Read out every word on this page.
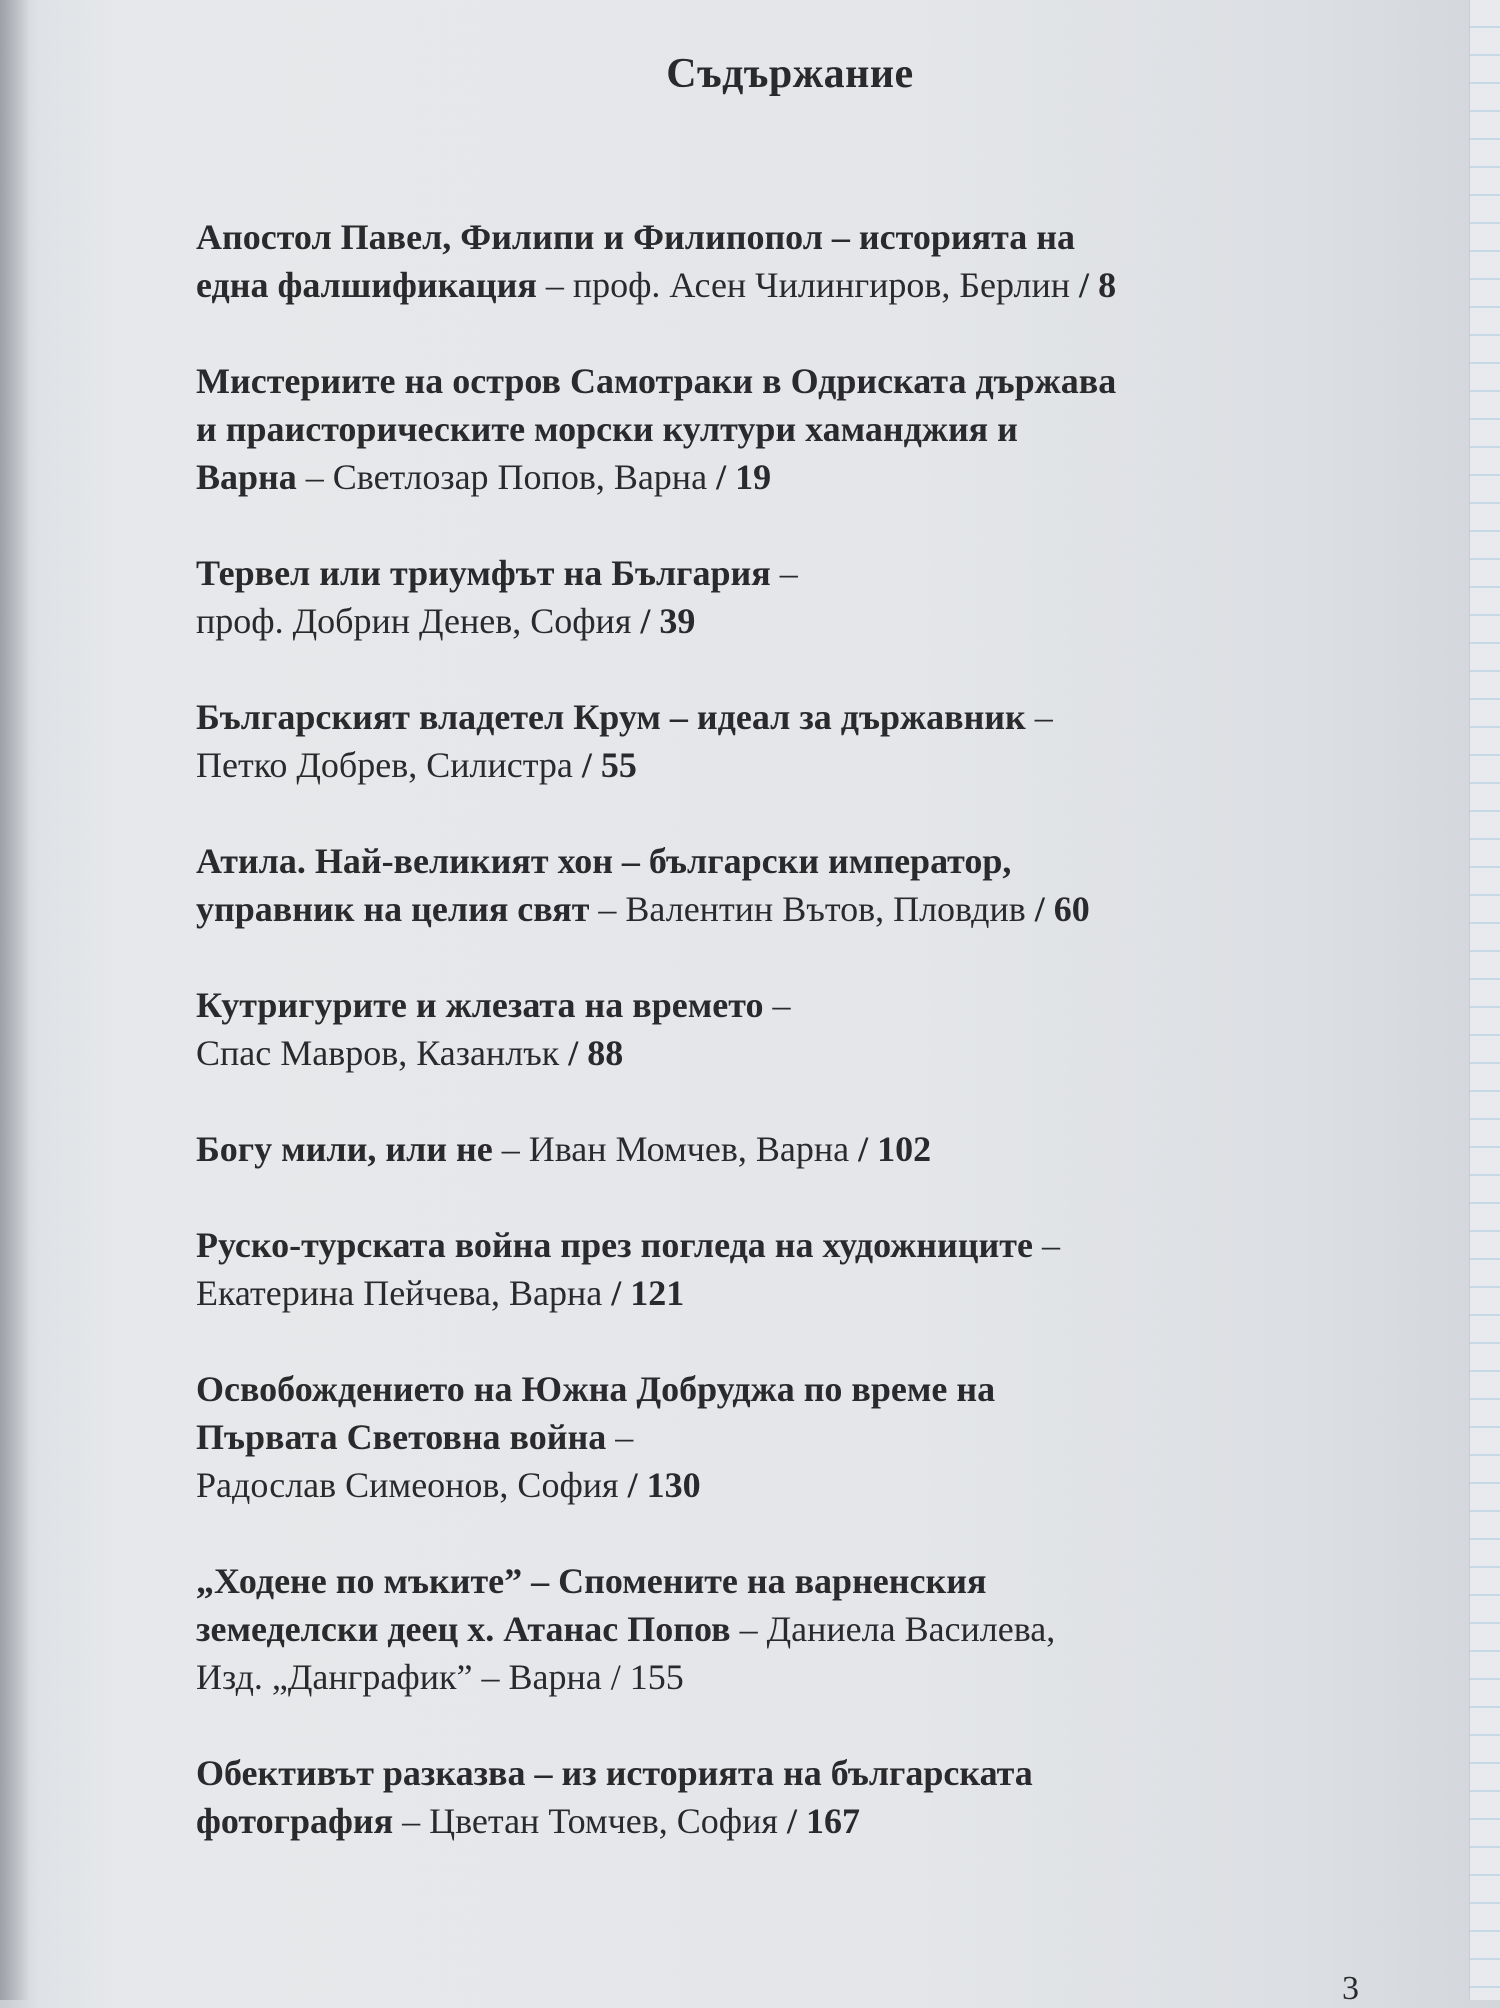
Съдържание
Апостол Павел, Филипи и Филипопол – историята на
една фалшификация – проф. Асен Чилингиров, Берлин / 8
Мистериите на остров Самотраки в Одриската държава
и праисторическите морски култури хаманджия и
Варна – Светлозар Попов, Варна / 19
Тервел или триумфът на България –
проф. Добрин Денев, София / 39
Българският владетел Крум – идеал за държавник –
Петко Добрев, Силистра / 55
Атила. Най-великият хон – български император,
управник на целия свят – Валентин Вътов, Пловдив / 60
Кутригурите и жлезата на времето –
Спас Мавров, Казанлък / 88
Богу мили, или не – Иван Момчев, Варна / 102
Руско-турската война през погледа на художниците –
Екатерина Пейчева, Варна / 121
Освобождението на Южна Добруджа по време на
Първата Световна война –
Радослав Симеонов, София / 130
„Ходене по мъките” – Спомените на варненския
земеделски деец х. Атанас Попов – Даниела Василева,
Изд. „Данграфик” – Варна / 155
Обективът разказва – из историята на българската
фотография – Цветан Томчев, София / 167
3
